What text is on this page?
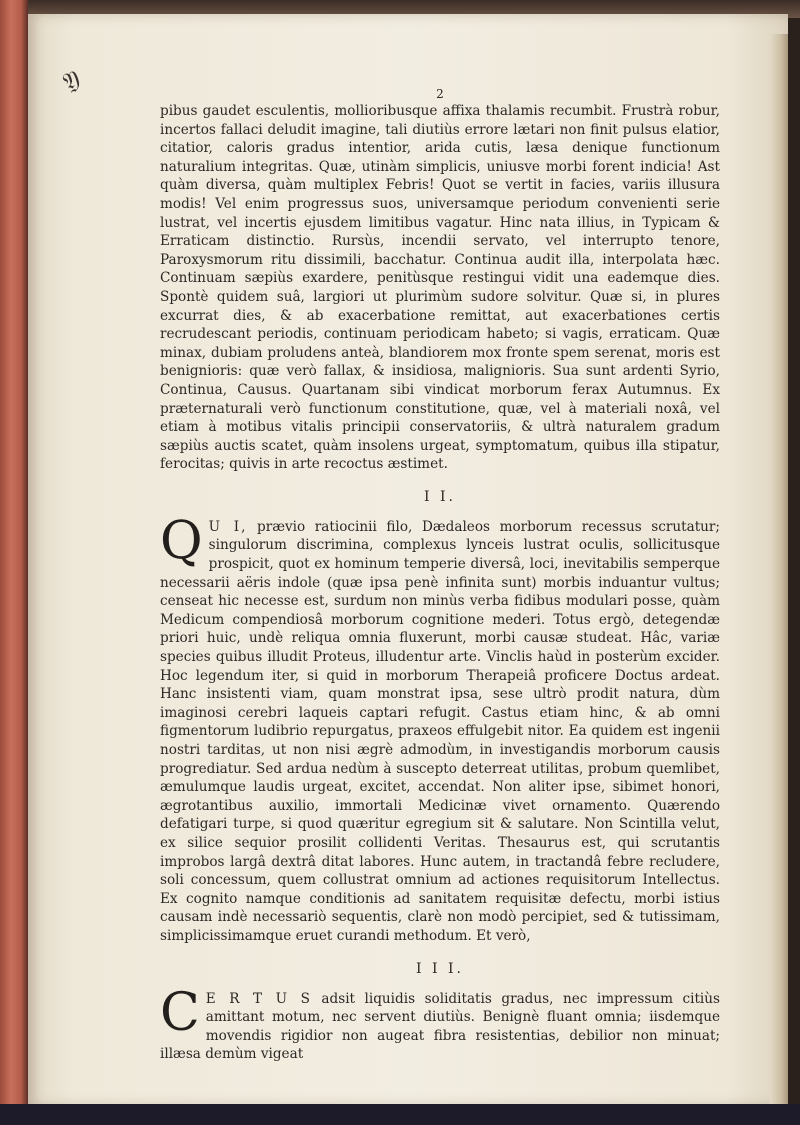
𝔜	2

pibus gaudet esculentis, mollioribusque affixa thalamis recumbit. Frustrà robur, incertos fallaci deludit imagine, tali diutiùs errore lætari non finit pulsus elatior, citatior, caloris gradus intentior, arida cutis, læsa denique functionum naturalium integritas. Quæ, utinàm simplicis, uniusve morbi forent indicia! Ast quàm diversa, quàm multiplex Febris! Quot se vertit in facies, variis illusura modis! Vel enim progressus suos, universamque periodum convenienti serie lustrat, vel incertis ejusdem limitibus vagatur. Hinc nata illius, in Typicam & Erraticam distinctio. Rursùs, incendii servato, vel interrupto tenore, Paroxysmorum ritu dissimili, bacchatur. Continua audit illa, interpolata hæc. Continuam sæpiùs exardere, penitùsque restingui vidit una eademque dies. Spontè quidem suâ, largiori ut plurimùm sudore solvitur. Quæ si, in plures excurrat dies, & ab exacerbatione remittat, aut exacerbationes certis recrudescant periodis, continuam periodicam habeto; si vagis, erraticam. Quæ minax, dubiam proludens anteà, blandiorem mox fronte spem serenat, moris est benignioris: quæ verò fallax, & insidiosa, malignioris. Sua sunt ardenti Syrio, Continua, Causus. Quartanam sibi vindicat morborum ferax Autumnus. Ex præternaturali verò functionum constitutione, quæ, vel à materiali noxâ, vel etiam à motibus vitalis principii conservatoriis, & ultrà naturalem gradum sæpiùs auctis scatet, quàm insolens urgeat, symptomatum, quibus illa stipatur, ferocitas; quivis in arte recoctus æstimet.

I I.

Q U I, prævio ratiocinii filo, Dædaleos morborum recessus scrutatur; singulorum discrimina, complexus lynceis lustrat oculis, sollicitusque prospicit, quot ex hominum temperie diversâ, loci, inevitabilis semperque necessarii aëris indole (quæ ipsa penè infinita sunt) morbis induantur vultus; censeat hic necesse est, surdum non minùs verba fidibus modulari posse, quàm Medicum compendiosâ morborum cognitione mederi. Totus ergò, detegendæ priori huic, undè reliqua omnia fluxerunt, morbi causæ studeat. Hâc, variæ species quibus illudit Proteus, illudentur arte. Vinclis haùd in posterùm excider. Hoc legendum iter, si quid in morborum Therapeiâ proficere Doctus ardeat. Hanc insistenti viam, quam monstrat ipsa, sese ultrò prodit natura, dùm imaginosi cerebri laqueis captari refugit. Castus etiam hinc, & ab omni figmentorum ludibrio repurgatus, praxeos effulgebit nitor. Ea quidem est ingenii nostri tarditas, ut non nisi ægrè admodùm, in investigandis morborum causis progrediatur. Sed ardua nedùm à suscepto deterreat utilitas, probum quemlibet, æmulumque laudis urgeat, excitet, accendat. Non aliter ipse, sibimet honori, ægrotantibus auxilio, immortali Medicinæ vivet ornamento. Quærendo defatigari turpe, si quod quæritur egregium sit & salutare. Non Scintilla velut, ex silice sequior prosilit collidenti Veritas. Thesaurus est, qui scrutantis improbos largâ dextrâ ditat labores. Hunc autem, in tractandâ febre recludere, soli concessum, quem collustrat omnium ad actiones requisitorum Intellectus. Ex cognito namque conditionis ad sanitatem requisitæ defectu, morbi istius causam indè necessariò sequentis, clarè non modò percipiet, sed & tutissimam, simplicissimamque eruet curandi methodum. Et verò,

I I I.

C E R T U S adsit liquidis soliditatis gradus, nec impressum citiùs amittant motum, nec servent diutiùs. Benignè fluant omnia; iisdemque movendis rigidior non augeat fibra resistentias, debilior non minuat; illæsa demùm vigeat
